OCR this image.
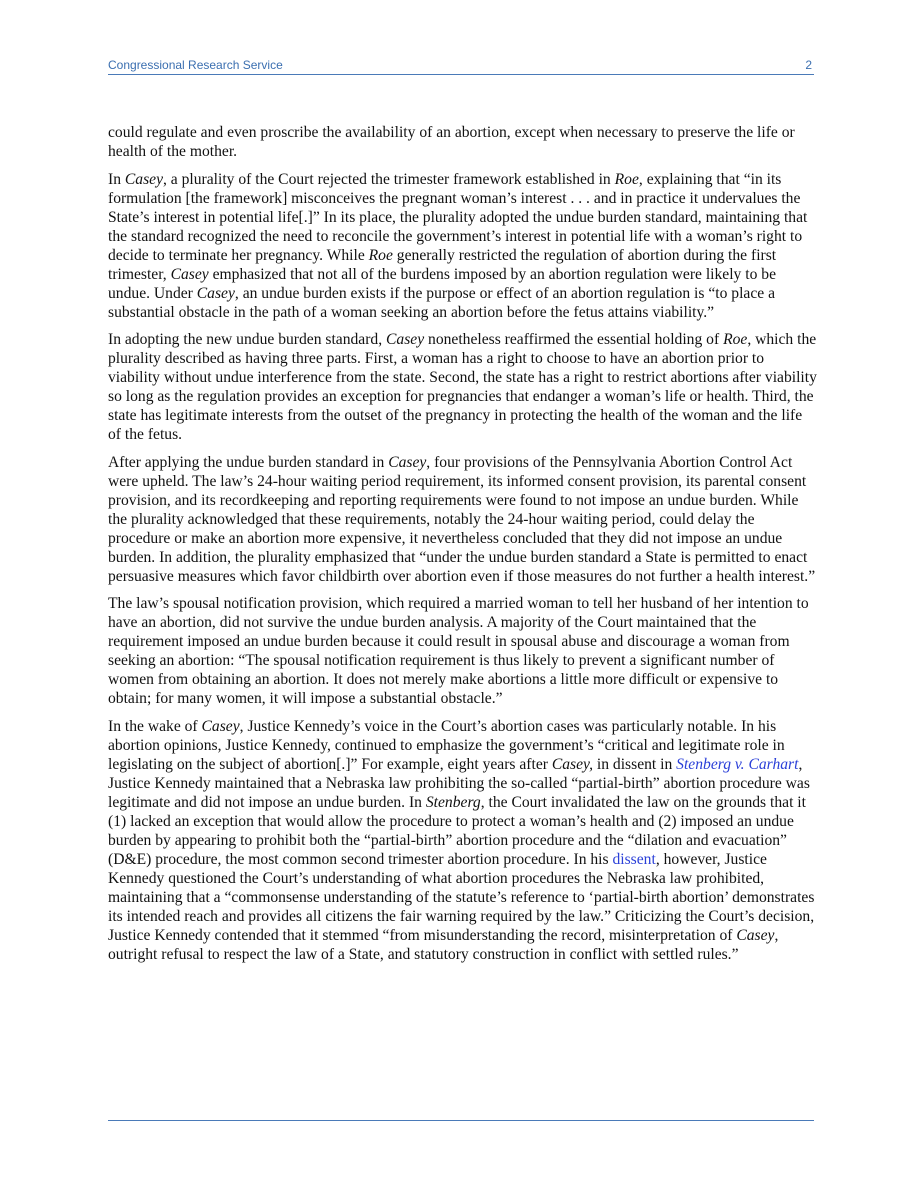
Congressional Research Service	2

could regulate and even proscribe the availability of an abortion, except when necessary to preserve the life or health of the mother.

In Casey, a plurality of the Court rejected the trimester framework established in Roe, explaining that “in its formulation [the framework] misconceives the pregnant woman’s interest . . . and in practice it undervalues the State’s interest in potential life[.]” In its place, the plurality adopted the undue burden standard, maintaining that the standard recognized the need to reconcile the government’s interest in potential life with a woman’s right to decide to terminate her pregnancy. While Roe generally restricted the regulation of abortion during the first trimester, Casey emphasized that not all of the burdens imposed by an abortion regulation were likely to be undue. Under Casey, an undue burden exists if the purpose or effect of an abortion regulation is “to place a substantial obstacle in the path of a woman seeking an abortion before the fetus attains viability.”

In adopting the new undue burden standard, Casey nonetheless reaffirmed the essential holding of Roe, which the plurality described as having three parts. First, a woman has a right to choose to have an abortion prior to viability without undue interference from the state. Second, the state has a right to restrict abortions after viability so long as the regulation provides an exception for pregnancies that endanger a woman’s life or health. Third, the state has legitimate interests from the outset of the pregnancy in protecting the health of the woman and the life of the fetus.

After applying the undue burden standard in Casey, four provisions of the Pennsylvania Abortion Control Act were upheld. The law’s 24-hour waiting period requirement, its informed consent provision, its parental consent provision, and its recordkeeping and reporting requirements were found to not impose an undue burden. While the plurality acknowledged that these requirements, notably the 24-hour waiting period, could delay the procedure or make an abortion more expensive, it nevertheless concluded that they did not impose an undue burden. In addition, the plurality emphasized that “under the undue burden standard a State is permitted to enact persuasive measures which favor childbirth over abortion even if those measures do not further a health interest.”

The law’s spousal notification provision, which required a married woman to tell her husband of her intention to have an abortion, did not survive the undue burden analysis. A majority of the Court maintained that the requirement imposed an undue burden because it could result in spousal abuse and discourage a woman from seeking an abortion: “The spousal notification requirement is thus likely to prevent a significant number of women from obtaining an abortion. It does not merely make abortions a little more difficult or expensive to obtain; for many women, it will impose a substantial obstacle.”

In the wake of Casey, Justice Kennedy’s voice in the Court’s abortion cases was particularly notable. In his abortion opinions, Justice Kennedy, continued to emphasize the government’s “critical and legitimate role in legislating on the subject of abortion[.]” For example, eight years after Casey, in dissent in Stenberg v. Carhart, Justice Kennedy maintained that a Nebraska law prohibiting the so-called “partial-birth” abortion procedure was legitimate and did not impose an undue burden. In Stenberg, the Court invalidated the law on the grounds that it (1) lacked an exception that would allow the procedure to protect a woman’s health and (2) imposed an undue burden by appearing to prohibit both the “partial-birth” abortion procedure and the “dilation and evacuation” (D&E) procedure, the most common second trimester abortion procedure. In his dissent, however, Justice Kennedy questioned the Court’s understanding of what abortion procedures the Nebraska law prohibited, maintaining that a “commonsense understanding of the statute’s reference to ‘partial-birth abortion’ demonstrates its intended reach and provides all citizens the fair warning required by the law.” Criticizing the Court’s decision, Justice Kennedy contended that it stemmed “from misunderstanding the record, misinterpretation of Casey, outright refusal to respect the law of a State, and statutory construction in conflict with settled rules.”
